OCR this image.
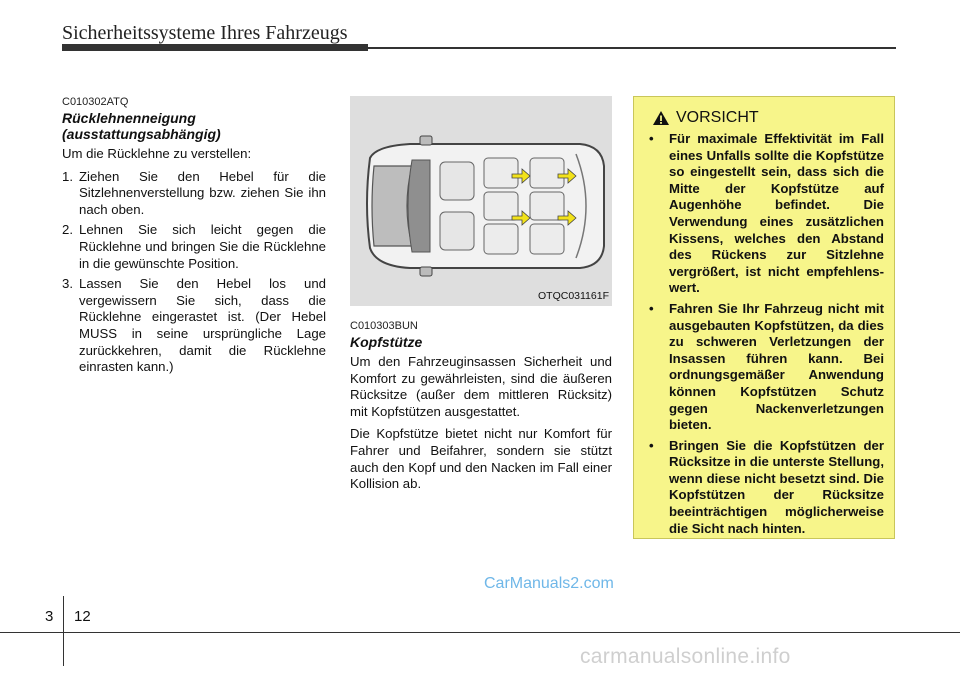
Sicherheitssysteme Ihres Fahrzeugs
C010302ATQ
Rücklehnenneigung
(ausstattungsabhängig)
Um die Rücklehne zu verstellen:
1. Ziehen Sie den Hebel für die Sitzlehnenverstellung bzw. ziehen Sie ihn nach oben.
2. Lehnen Sie sich leicht gegen die Rücklehne und bringen Sie die Rücklehne in die gewünschte Position.
3. Lassen Sie den Hebel los und vergewissern Sie sich, dass die Rücklehne eingerastet ist. (Der Hebel MUSS in seine ursprüngliche Lage zurückkehren, damit die Rücklehne einrasten kann.)
OTQC031161F
C010303BUN
Kopfstütze
Um den Fahrzeuginsassen Sicherheit und Komfort zu gewährleisten, sind die äußeren Rücksitze (außer dem mittleren Rücksitz) mit Kopfstützen ausgestattet.
Die Kopfstütze bietet nicht nur Komfort für Fahrer und Beifahrer, sondern sie stützt auch den Kopf und den Nacken im Fall einer Kollision ab.
VORSICHT
• Für maximale Effektivität im Fall eines Unfalls sollte die Kopfstütze so eingestellt sein, dass sich die Mitte der Kopfstütze auf Augenhöhe befindet. Die Verwendung eines zusätzlichen Kissens, welches den Abstand des Rückens zur Sitzlehne vergrößert, ist nicht empfehlens-wert.
• Fahren Sie Ihr Fahrzeug nicht mit ausgebauten Kopfstützen, da dies zu schweren Verletzungen der Insassen führen kann. Bei ordnungsgemäßer Anwendung können Kopfstützen Schutz gegen Nackenverletzungen bieten.
• Bringen Sie die Kopfstützen der Rücksitze in die unterste Stellung, wenn diese nicht besetzt sind. Die Kopfstützen der Rücksitze beeinträchtigen möglicherweise die Sicht nach hinten.
CarManuals2.com
3 12
carmanualsonline.info
